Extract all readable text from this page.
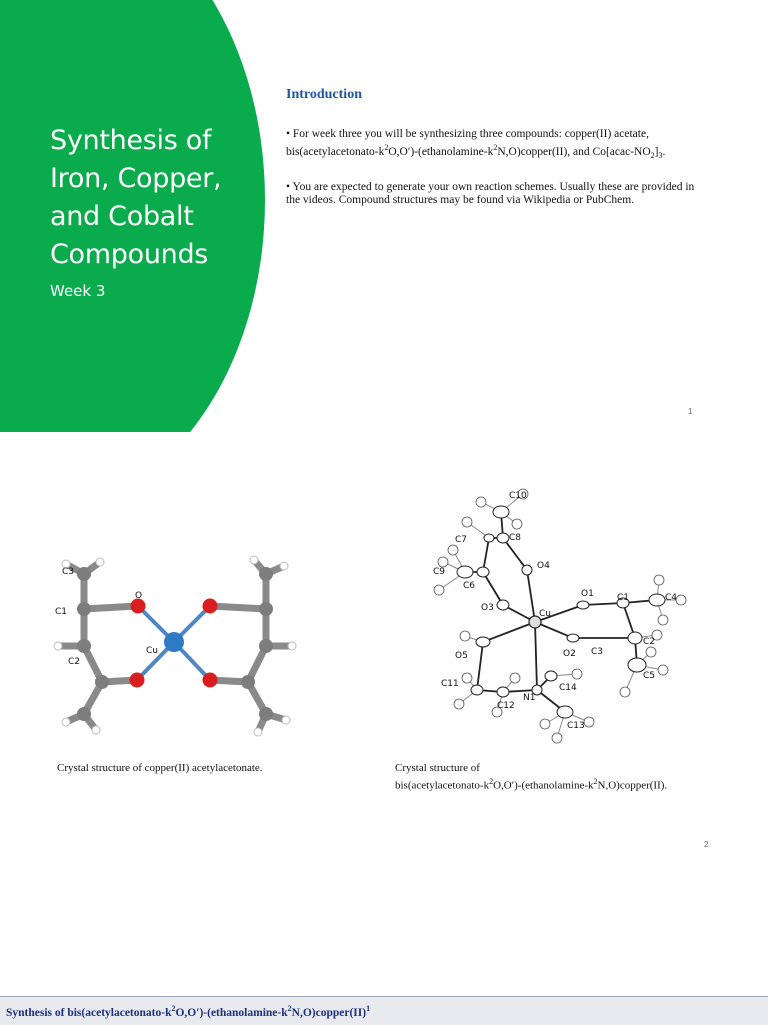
Synthesis of
Iron, Copper,
and Cobalt
Compounds
Week 3
Introduction
• For week three you will be synthesizing three compounds: copper(II) acetate, $bis(acetylacetonato-k^2O,O')-(ethanolamine-k^2N,O)copper(II)$, and $Co[acac-NO_2]_3$.
• You are expected to generate your own reaction schemes. Usually these are provided in the videos. Compound structures may be found via Wikipedia or PubChem.
1
C3
C1
C2
O
Cu
C10
C8
C7
O4
C9
C6
O3
Cu
O1	C1	C4
C2
O5	O2 C3
C5
C11
N1
C14
C12
C13
Crystal structure of copper(II) acetylacetonate.	Crystal structure of
$bis(acetylacetonato-k^2O,O')-(ethanolamine-k^2N,O)copper(II)$.
2
Synthesis of $bis(acetylacetonato-k^2O,O')-(ethanolamine-k^2N,O)copper(II)^1$
